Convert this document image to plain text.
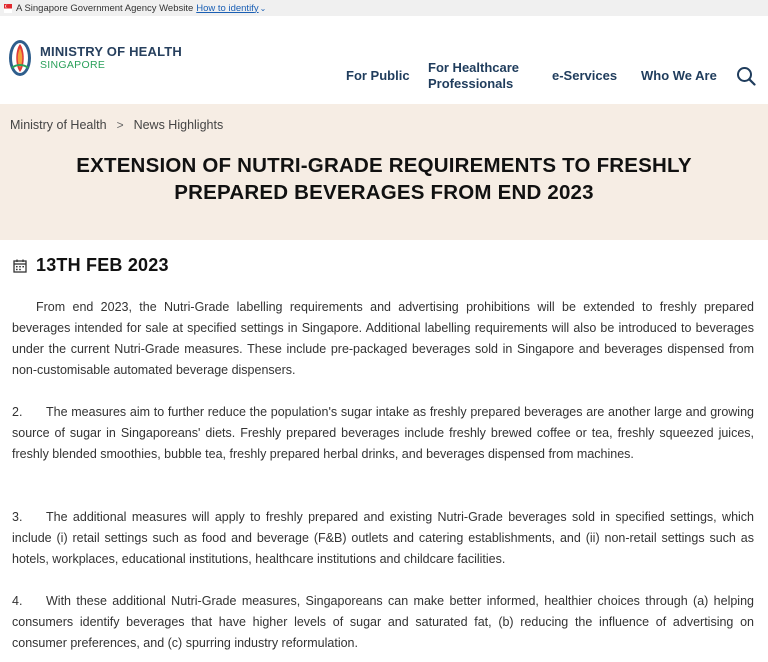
A Singapore Government Agency Website How to identify ⌄
MINISTRY OF HEALTH
SINGAPORE
For Public
For Healthcare Professionals
e-Services Who We Are
Ministry of Health > News Highlights
EXTENSION OF NUTRI-GRADE REQUIREMENTS TO FRESHLY PREPARED BEVERAGES FROM END 2023
13TH FEB 2023
From end 2023, the Nutri-Grade labelling requirements and advertising prohibitions will be extended to freshly prepared beverages intended for sale at specified settings in Singapore. Additional labelling requirements will also be introduced to beverages under the current Nutri-Grade measures. These include pre-packaged beverages sold in Singapore and beverages dispensed from non-customisable automated beverage dispensers.
2. The measures aim to further reduce the population's sugar intake as freshly prepared beverages are another large and growing source of sugar in Singaporeans' diets. Freshly prepared beverages include freshly brewed coffee or tea, freshly squeezed juices, freshly blended smoothies, bubble tea, freshly prepared herbal drinks, and beverages dispensed from machines.
3. The additional measures will apply to freshly prepared and existing Nutri-Grade beverages sold in specified settings, which include (i) retail settings such as food and beverage (F&B) outlets and catering establishments, and (ii) non-retail settings such as hotels, workplaces, educational institutions, healthcare institutions and childcare facilities.
4. With these additional Nutri-Grade measures, Singaporeans can make better informed, healthier choices through (a) helping consumers identify beverages that have higher levels of sugar and saturated fat, (b) reducing the influence of advertising on consumer preferences, and (c) spurring industry reformulation.
